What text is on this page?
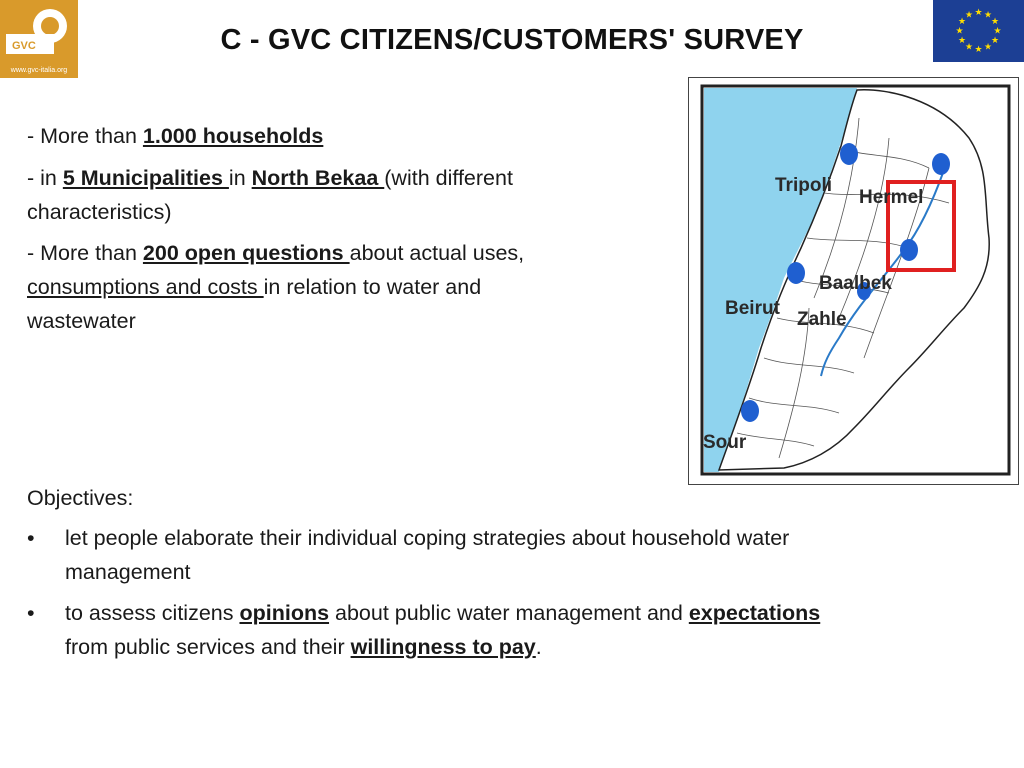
GVC
www.gvc-italia.org
★ ★
★
★
★
★
★
★
★
★
★
★
C - GVC CITIZENS/CUSTOMERS' SURVEY
- More than 1.000 households
- in 5 Municipalities in North Bekaa (with different
characteristics)
- More than 200 open questions about actual uses,
consumptions and costs in relation to water and
wastewater
Objectives:
• let people elaborate their individual coping strategies about household water
management
• to assess citizens opinions about public water management and expectations
from public services and their willingness to pay.
Tripoli
Hermel
Baalbek
Beirut
Zahle
Sour
